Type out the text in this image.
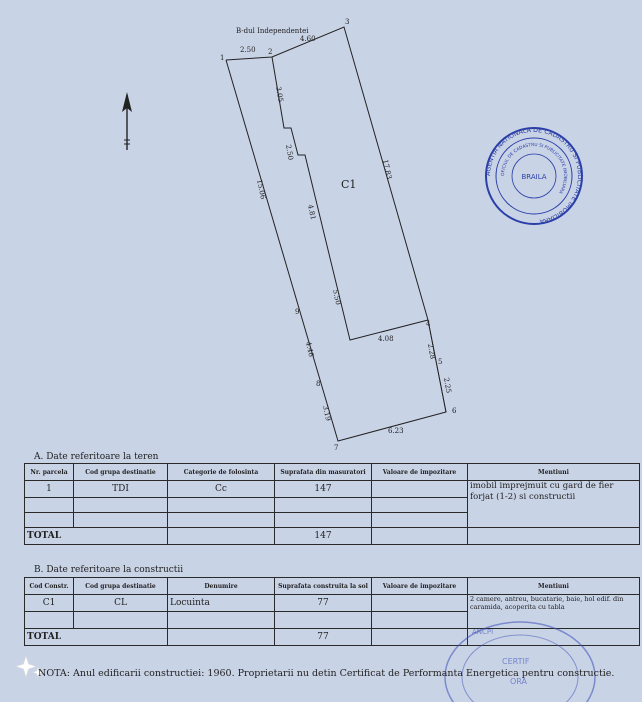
B-dul Independentei
1
2
3
4
5
6
7
8
9
2.50
4.60
17.83
3.05
2.50
4.81
5.50
4.08
15.06
4.46
3.19
2.28
2.25
6.23
C1
AGENTIA NATIONALA DE CADASTRU SI PUBLICITATE IMOBILIARA
OFICIUL DE CADASTRU SI PUBLICITATE IMOBILIARA
BRAILA
A. Date referitoare la teren
Nr. parcela	Cod grupa destinatie	Categorie de folosinta	Suprafata din masuratori	Valoare de impozitare	Mentiuni
1	TDI	Cc	147		imobil imprejmuit cu gard de fier forjat (1-2) si constructii

TOTAL			147		
B. Date referitoare la constructii
Cod Constr.	Cod grupa destinatie	Denumire	Suprafata construita la sol	Valoare de impozitare	Mentiuni
C1	CL	Locuinta	77		2 camere, antreu, bucatarie, baie, hol edif. din caramida, acoperita cu tabla

TOTAL			77			ANCPI
CERTIF
ORA
NOTA: Anul edificarii constructiei: 1960. Proprietarii nu detin Certificat de Performanta Energetica pentru constructie.
